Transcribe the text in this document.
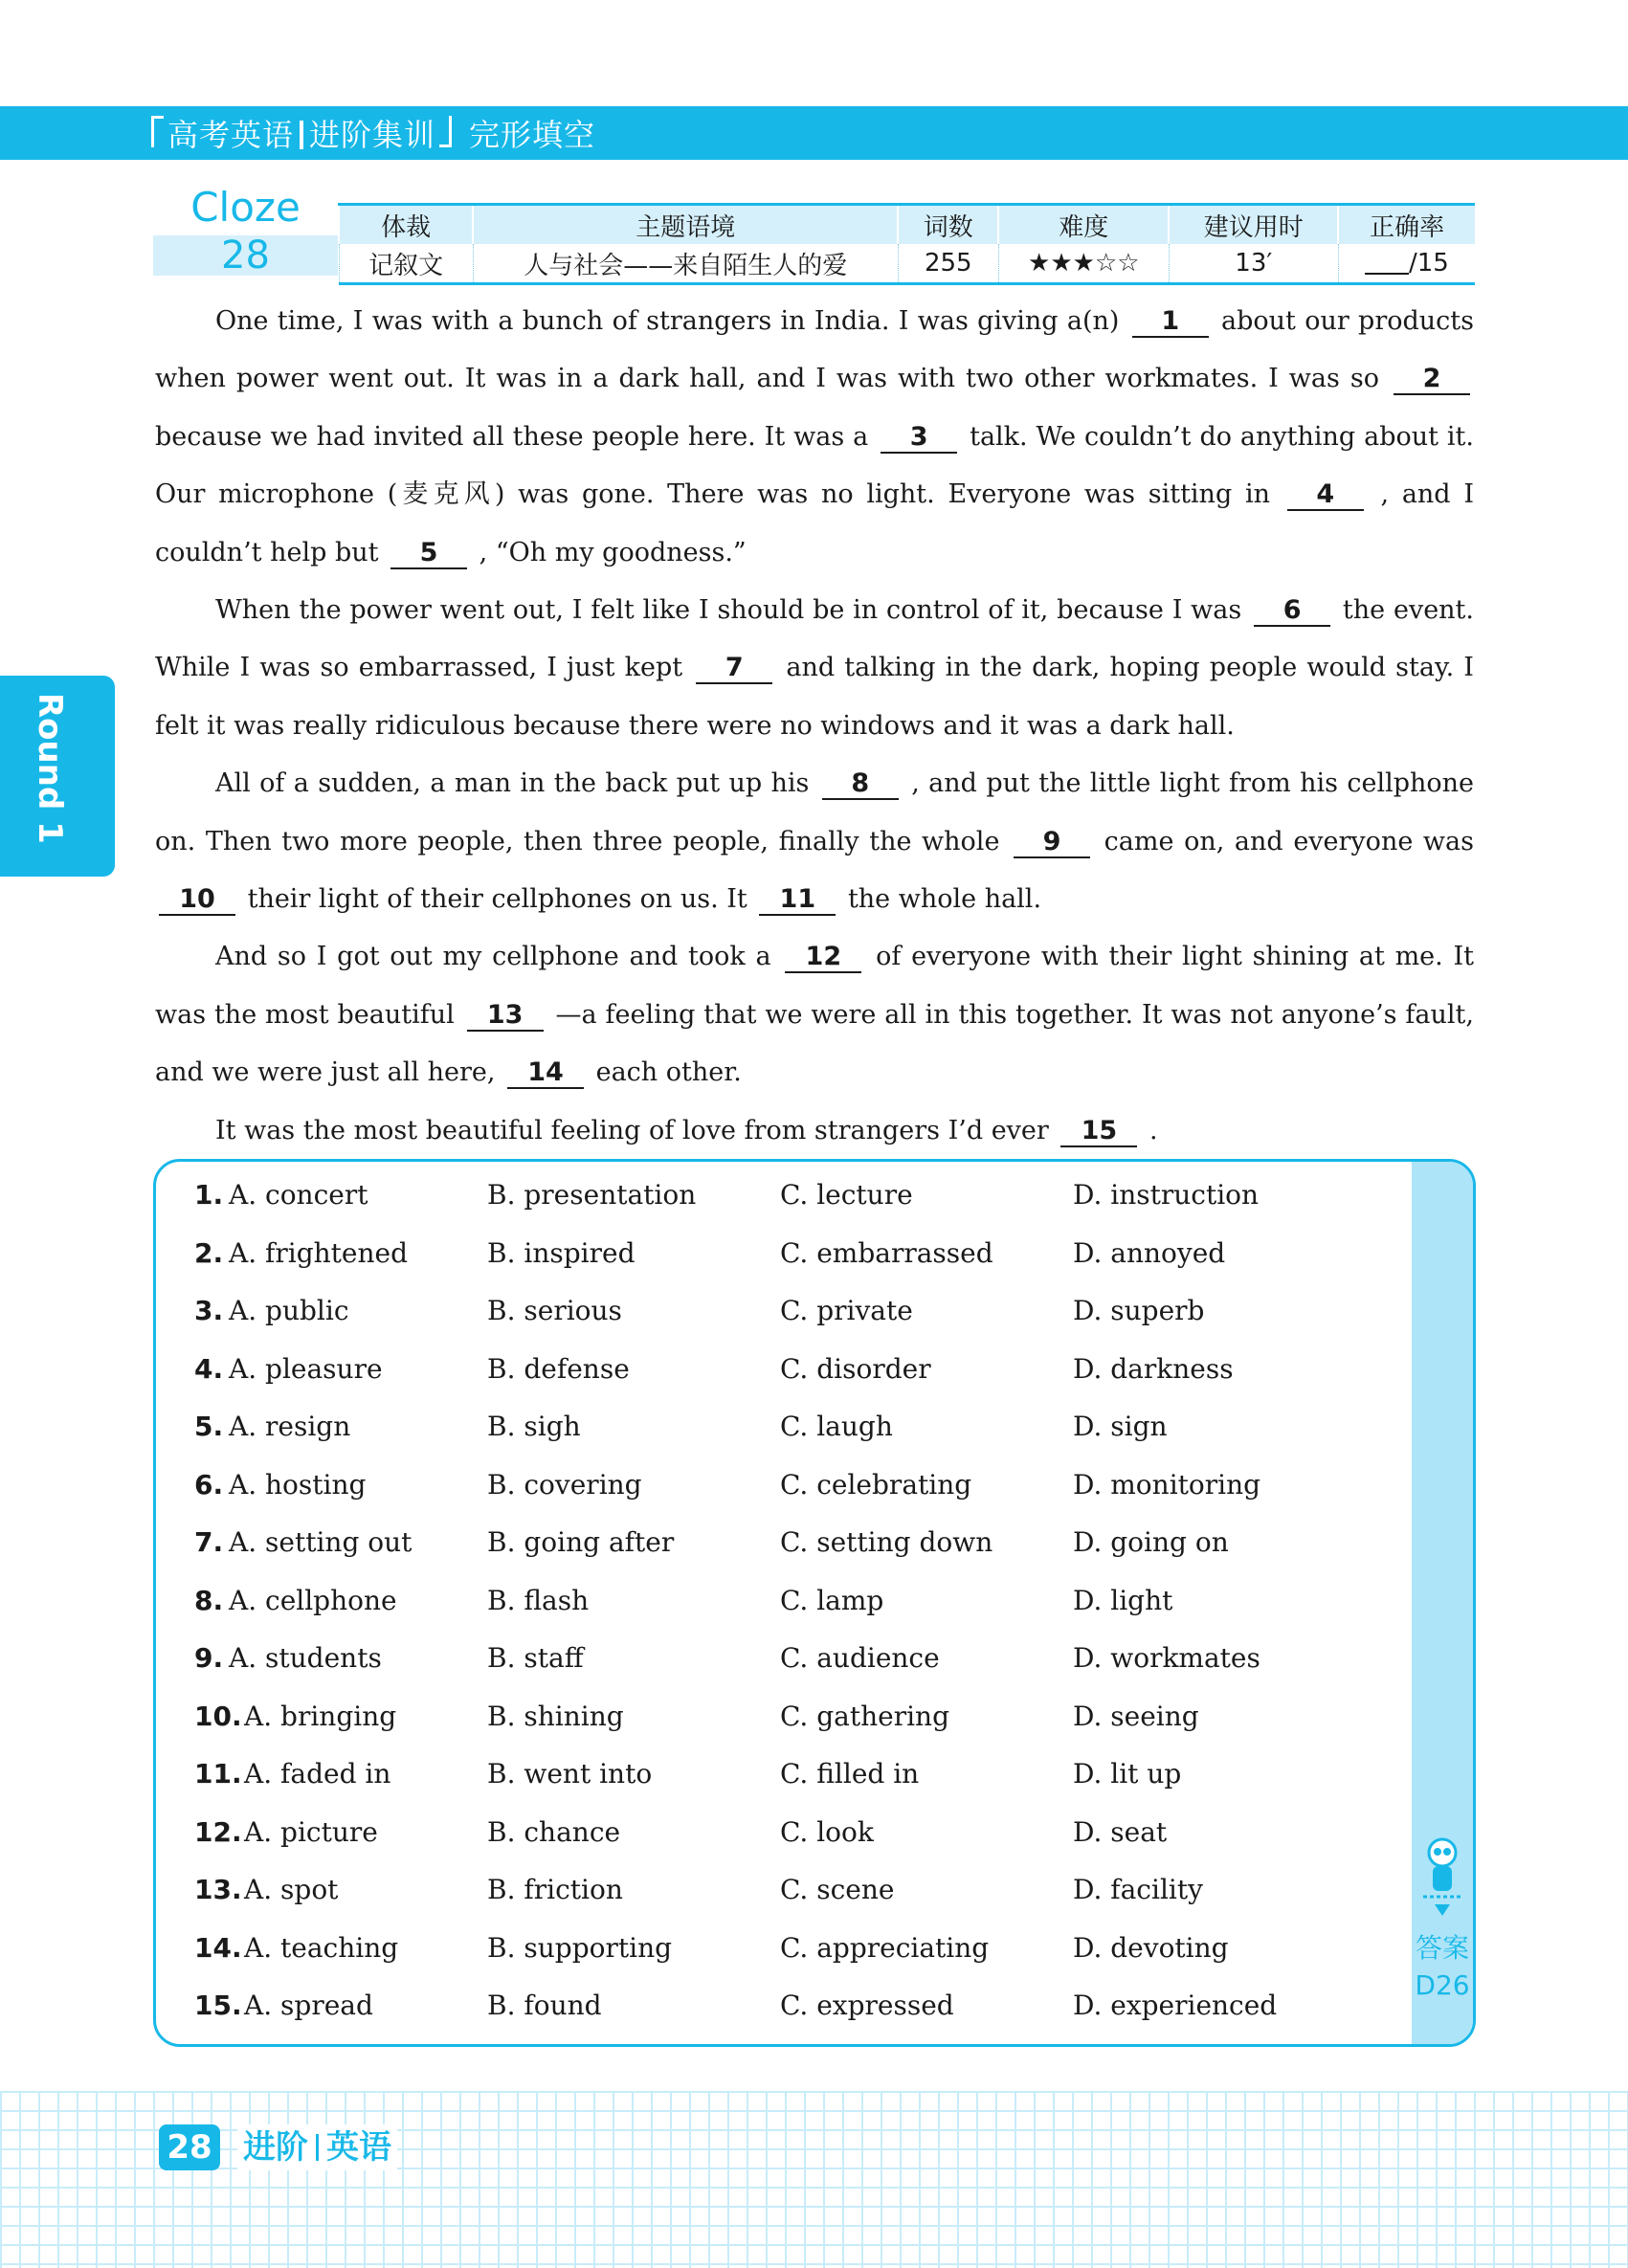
高考英语 进阶集训 完形填空
Cloze
28
体裁	主题语境	词数	难度	建议用时	正确率
记叙文	人与社会——来自陌生人的爱	255	★★★☆☆	13′	/15
Round 1

One time, I was with a bunch of strangers in India. I was giving a(n) 1 about our products when power went out. It was in a dark hall, and I was with two other workmates. I was so 2 because we had invited all these people here. It was a 3 talk. We couldn’t do anything about it. Our microphone (麦克风) was gone. There was no light. Everyone was sitting in 4 , and I couldn’t help but 5 , “Oh my goodness.”

When the power went out, I felt like I should be in control of it, because I was 6 the event. While I was so embarrassed, I just kept 7 and talking in the dark, hoping people would stay. I felt it was really ridiculous because there were no windows and it was a dark hall.

All of a sudden, a man in the back put up his 8 , and put the little light from his cellphone on. Then two more people, then three people, finally the whole 9 came on, and everyone was 10 their light of their cellphones on us. It 11 the whole hall.

And so I got out my cellphone and took a 12 of everyone with their light shining at me. It was the most beautiful 13 —a feeling that we were all in this together. It was not anyone’s fault, and we were just all here, 14 each other.

It was the most beautiful feeling of love from strangers I’d ever 15 .

1. A. concert	B. presentation	C. lecture	D. instruction
2. A. frightened	B. inspired	C. embarrassed	D. annoyed
3. A. public	B. serious	C. private	D. superb
4. A. pleasure	B. defense	C. disorder	D. darkness
5. A. resign	B. sigh	C. laugh	D. sign
6. A. hosting	B. covering	C. celebrating	D. monitoring
7. A. setting out	B. going after	C. setting down	D. going on
8. A. cellphone	B. flash	C. lamp	D. light
9. A. students	B. staff	C. audience	D. workmates
10. A. bringing	B. shining	C. gathering	D. seeing
11. A. faded in	B. went into	C. filled in	D. lit up
12. A. picture	B. chance	C. look	D. seat
13. A. spot	B. friction	C. scene	D. facility
14. A. teaching	B. supporting	C. appreciating	D. devoting
15. A. spread	B. found	C. expressed	D. experienced
答案
D26
28 进阶 英语
